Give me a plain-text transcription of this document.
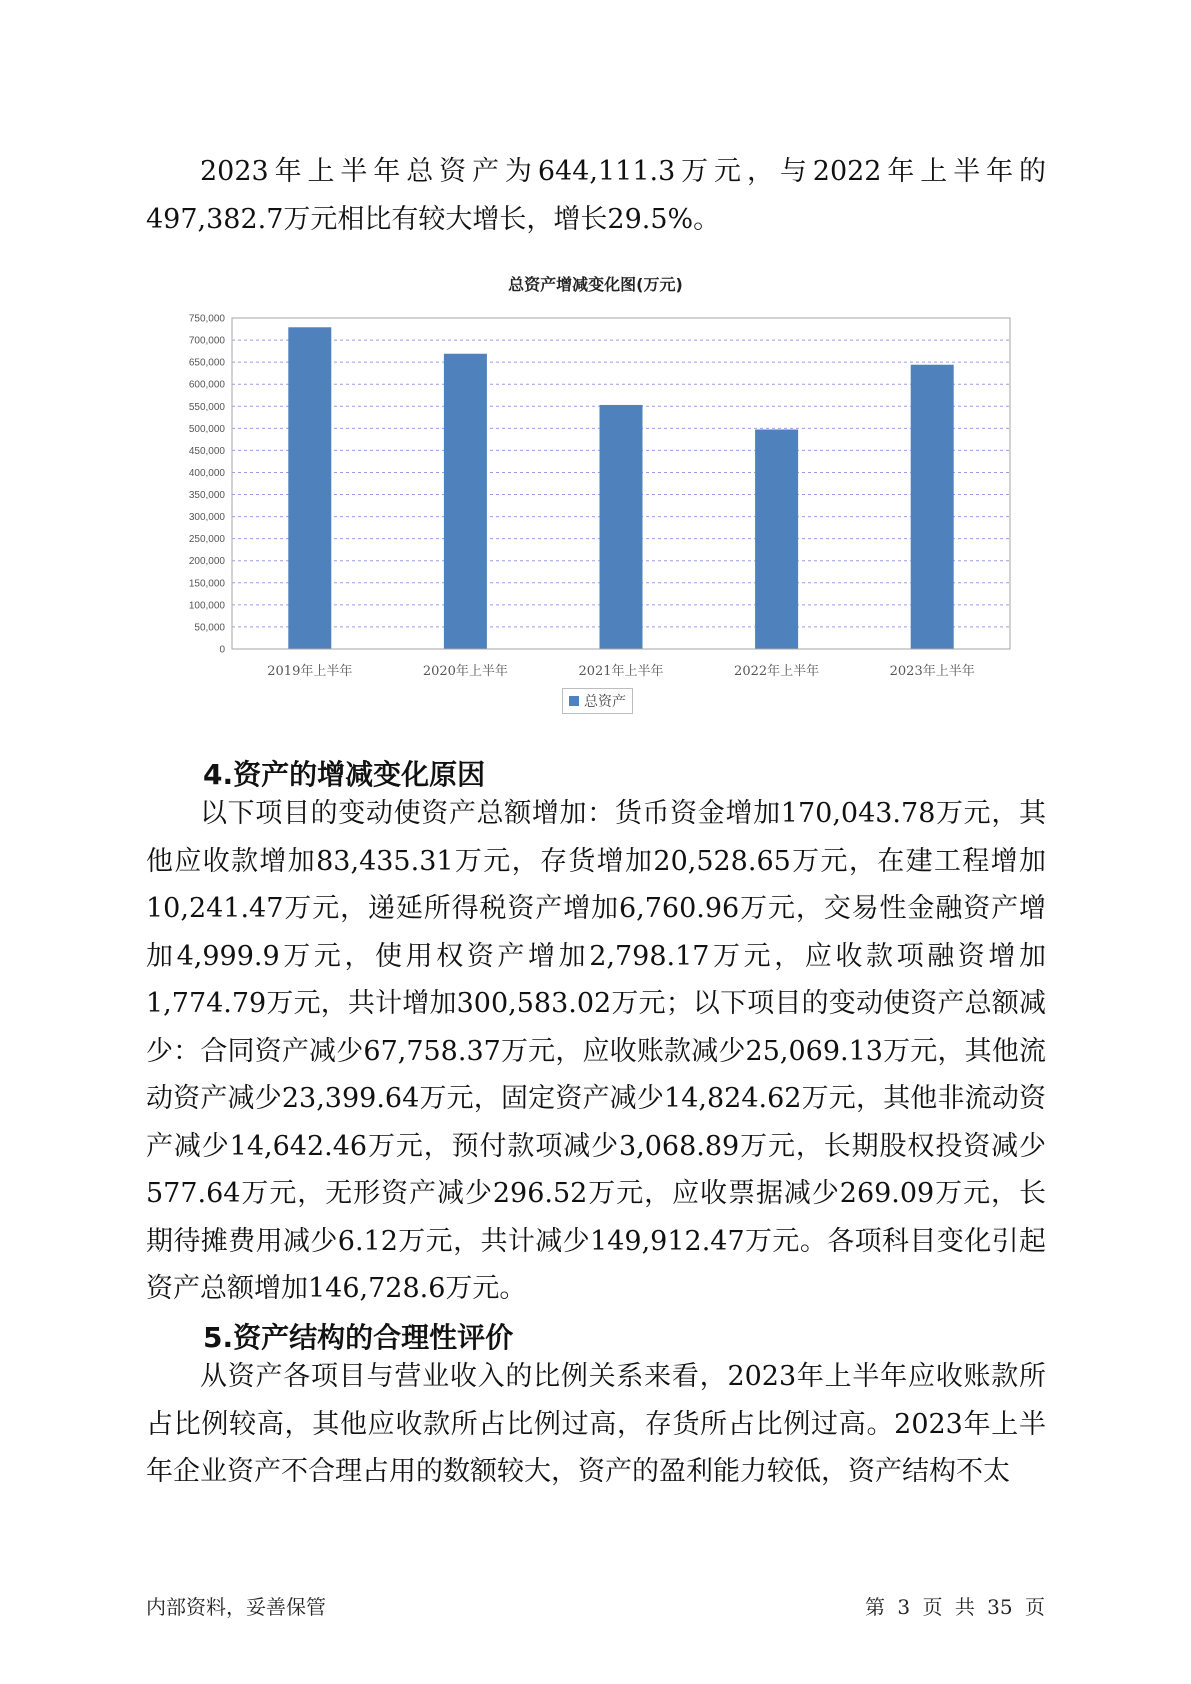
2023年上半年总资产为644,111.3万元，与2022年上半年的497,382.7万元相比有较大增长，增长29.5%。

总资产增减变化图(万元)
0
50,000
100,000
150,000
200,000
250,000
300,000
350,000
400,000
450,000
500,000
550,000
600,000
650,000
700,000
750,000
2019年上半年	2020年上半年	2021年上半年	2022年上半年	2023年上半年
总资产
4.资产的增减变化原因

以下项目的变动使资产总额增加：货币资金增加170,043.78万元，其他应收款增加83,435.31万元，存货增加20,528.65万元，在建工程增加10,241.47万元，递延所得税资产增加6,760.96万元，交易性金融资产增加4,999.9万元，使用权资产增加2,798.17万元，应收款项融资增加1,774.79万元，共计增加300,583.02万元；以下项目的变动使资产总额减少：合同资产减少67,758.37万元，应收账款减少25,069.13万元，其他流动资产减少23,399.64万元，固定资产减少14,824.62万元，其他非流动资产减少14,642.46万元，预付款项减少3,068.89万元，长期股权投资减少577.64万元，无形资产减少296.52万元，应收票据减少269.09万元，长期待摊费用减少6.12万元，共计减少149,912.47万元。各项科目变化引起资产总额增加146,728.6万元。

5.资产结构的合理性评价

从资产各项目与营业收入的比例关系来看，2023年上半年应收账款所占比例较高，其他应收款所占比例过高，存货所占比例过高。2023年上半年企业资产不合理占用的数额较大，资产的盈利能力较低，资产结构不太

内部资料，妥善保管	第 3 页 共 35 页
